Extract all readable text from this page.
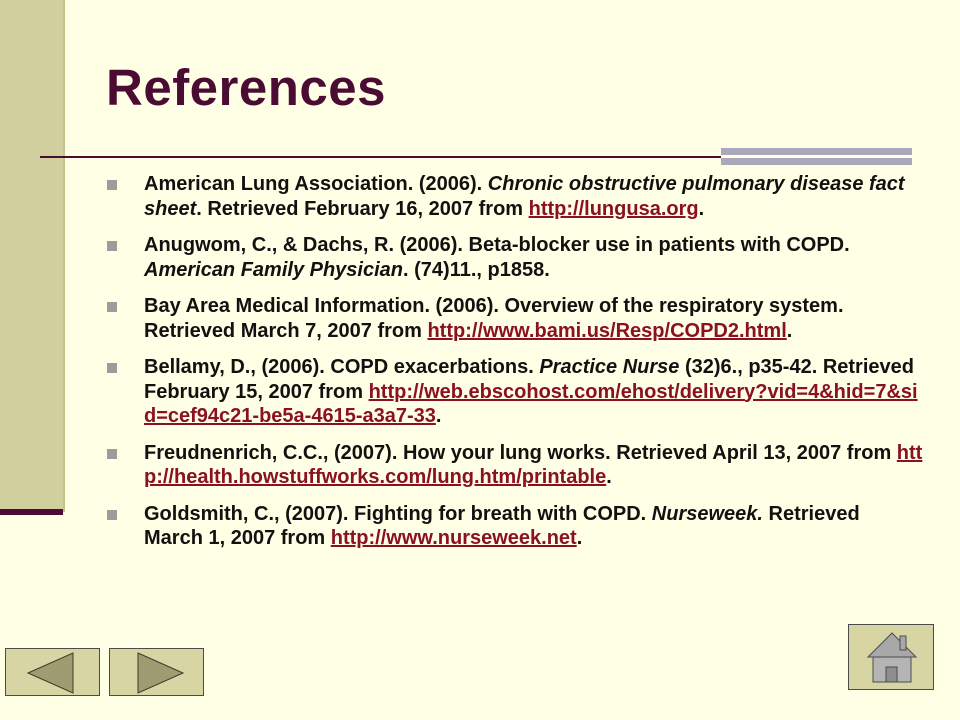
References
American Lung Association. (2006). Chronic obstructive pulmonary disease fact sheet. Retrieved February 16, 2007 from http://lungusa.org.
Anugwom, C., & Dachs, R. (2006). Beta-blocker use in patients with COPD. American Family Physician. (74)11., p1858.
Bay Area Medical Information. (2006). Overview of the respiratory system. Retrieved March 7, 2007 from http://www.bami.us/Resp/COPD2.html.
Bellamy, D., (2006). COPD exacerbations. Practice Nurse (32)6., p35-42. Retrieved February 15, 2007 from http://web.ebscohost.com/ehost/delivery?vid=4&hid=7&sid=cef94c21-be5a-4615-a3a7-33.
Freudnenrich, C.C., (2007). How your lung works. Retrieved April 13, 2007 from http://health.howstuffworks.com/lung.htm/printable.
Goldsmith, C., (2007). Fighting for breath with COPD. Nurseweek. Retrieved March 1, 2007 from http://www.nurseweek.net.
